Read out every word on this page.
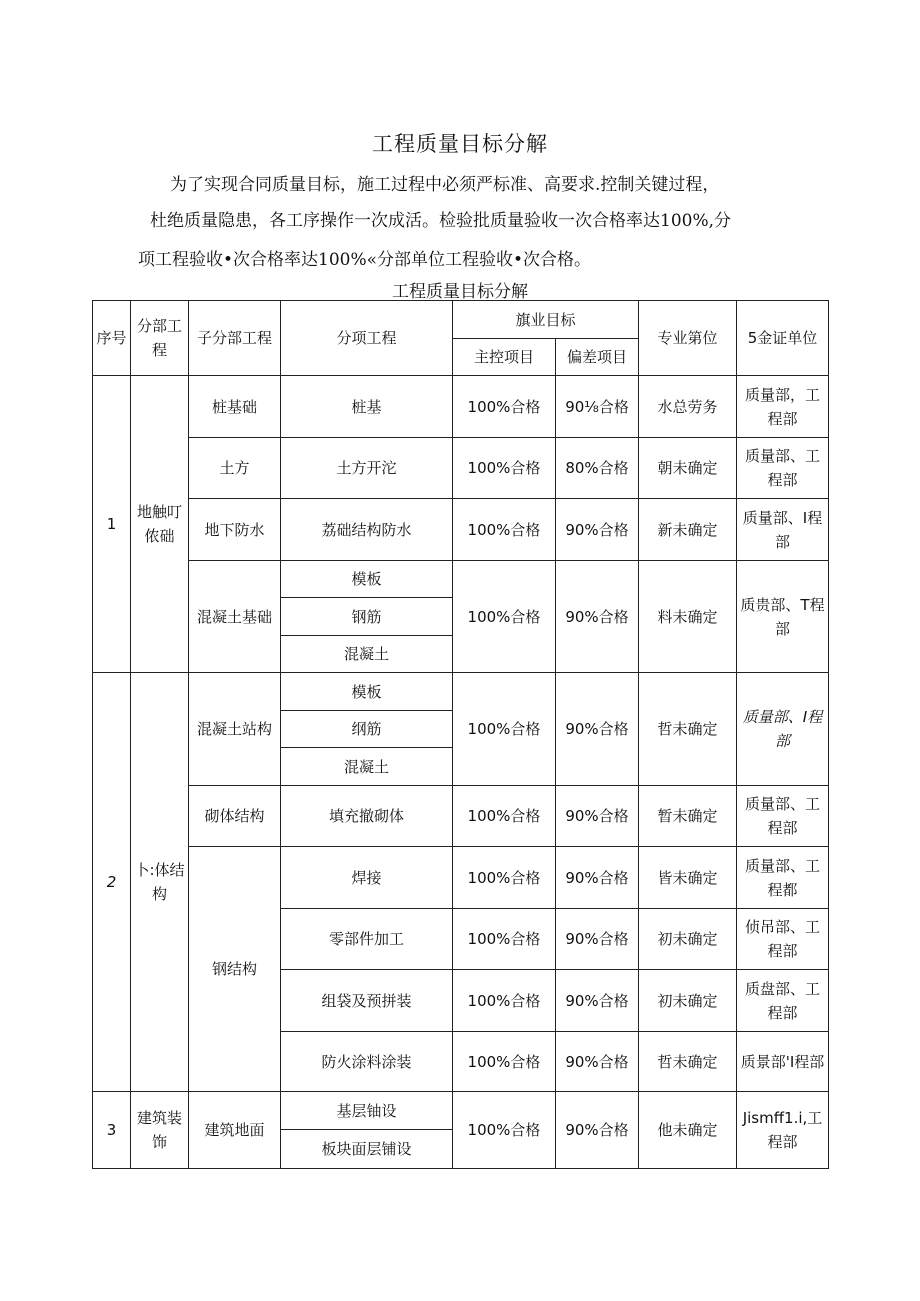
工程质量目标分解
为了实现合同质量目标，施工过程中必须严标准、高要求.控制关键过程，
杜绝质量隐患，各工序操作一次成活。检验批质量验收一次合格率达100%,分
项工程验收•次合格率达100%«分部单位工程验收•次合格。
工程质量目标分解
序号	分部工程	子分部工程	分项工程	旗业目标		专业第位	5金证单位
				主控项目	偏差项目		
1	地触叮侬础	桩基础	桩基	100%合格	90⅛合格	水总劳务	质量部，工程部
		土方	土方开沱	100%合格	80%合格	朝未确定	质量部、工程部
		地下防水	荔础结构防水	100%合格	90%合格	新未确定	质量部、I程部
		混凝土基础	模板	100%合格	90%合格	料未确定	质贵部、T程部
			钢筋				
			混凝土				
2	卜:体结构	混凝土站构	模板	100%合格	90%合格	哲未确定	质量部、I程部
			纲筋				
			混凝土				
		砌体结构	填充撤砌体	100%合格	90%合格	暂未确定	质量部、工程部
		钢结构	焊接	100%合格	90%合格	皆未确定	质量部、工程都
			零部件加工	100%合格	90%合格	初未确定	侦吊部、工程部
			组袋及预拼装	100%合格	90%合格	初未确定	质盘部、工程部
			防火涂料涂装	100%合格	90%合格	哲未确定	质景部'I程部
3	建筑装饰	建筑地面	基层铀设	100%合格	90%合格	他未确定	Jismff1.i,工程部
			板块面层铺设				
